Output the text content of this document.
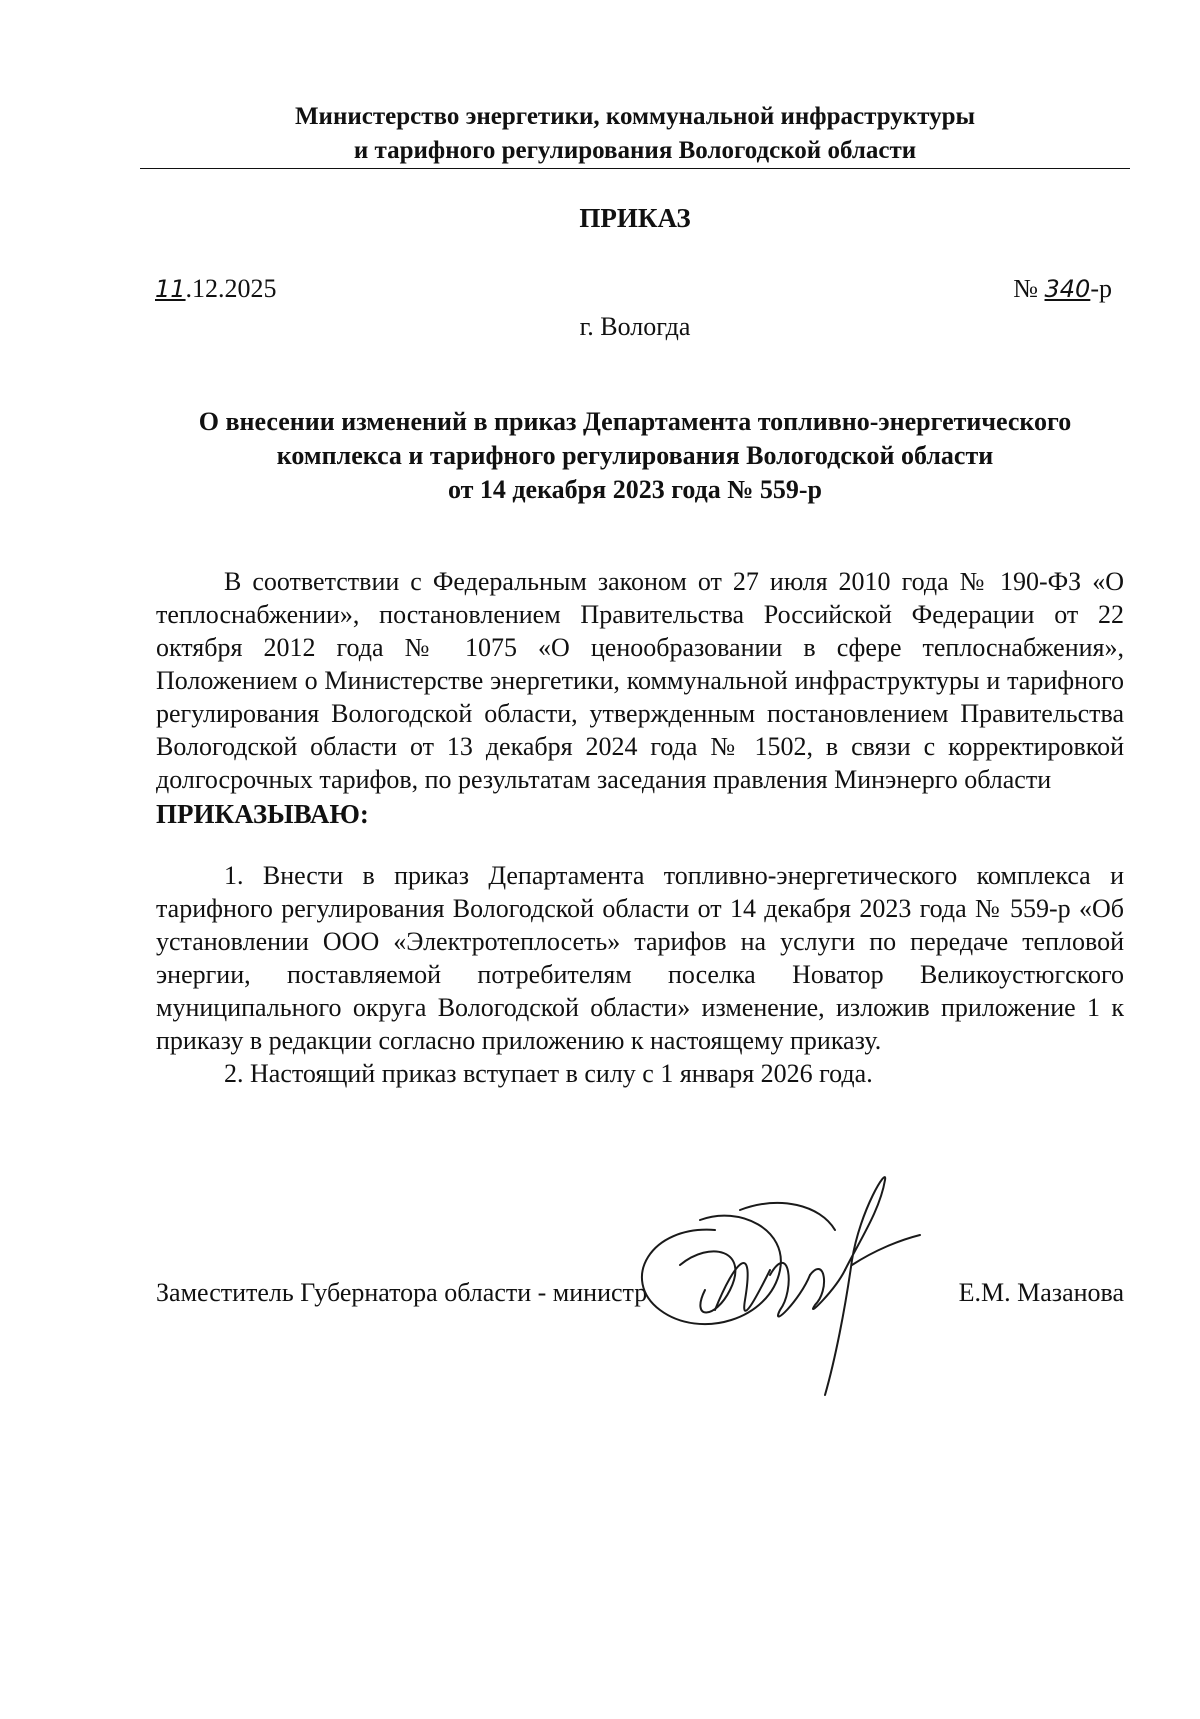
Министерство энергетики, коммунальной инфраструктуры
и тарифного регулирования Вологодской области
ПРИКАЗ
11.12.2025	№ 340-р
г. Вологда
О внесении изменений в приказ Департамента топливно-энергетического
комплекса и тарифного регулирования Вологодской области
от 14 декабря 2023 года № 559-р

В соответствии с Федеральным законом от 27 июля 2010 года № 190-ФЗ «О теплоснабжении», постановлением Правительства Российской Федерации от 22 октября 2012 года № 1075 «О ценообразовании в сфере теплоснабжения», Положением о Министерстве энергетики, коммунальной инфраструктуры и тарифного регулирования Вологодской области, утвержденным постановлением Правительства Вологодской области от 13 декабря 2024 года № 1502, в связи с корректировкой долгосрочных тарифов, по результатам заседания правления Минэнерго области

ПРИКАЗЫВАЮ:

1. Внести в приказ Департамента топливно-энергетического комплекса и тарифного регулирования Вологодской области от 14 декабря 2023 года № 559-р «Об установлении ООО «Электротеплосеть» тарифов на услуги по передаче тепловой энергии, поставляемой потребителям поселка Новатор Великоустюгского муниципального округа Вологодской области» изменение, изложив приложение 1 к приказу в редакции согласно приложению к настоящему приказу.

2. Настоящий приказ вступает в силу с 1 января 2026 года.

Заместитель Губернатора области - министр	Е.М. Мазанова
